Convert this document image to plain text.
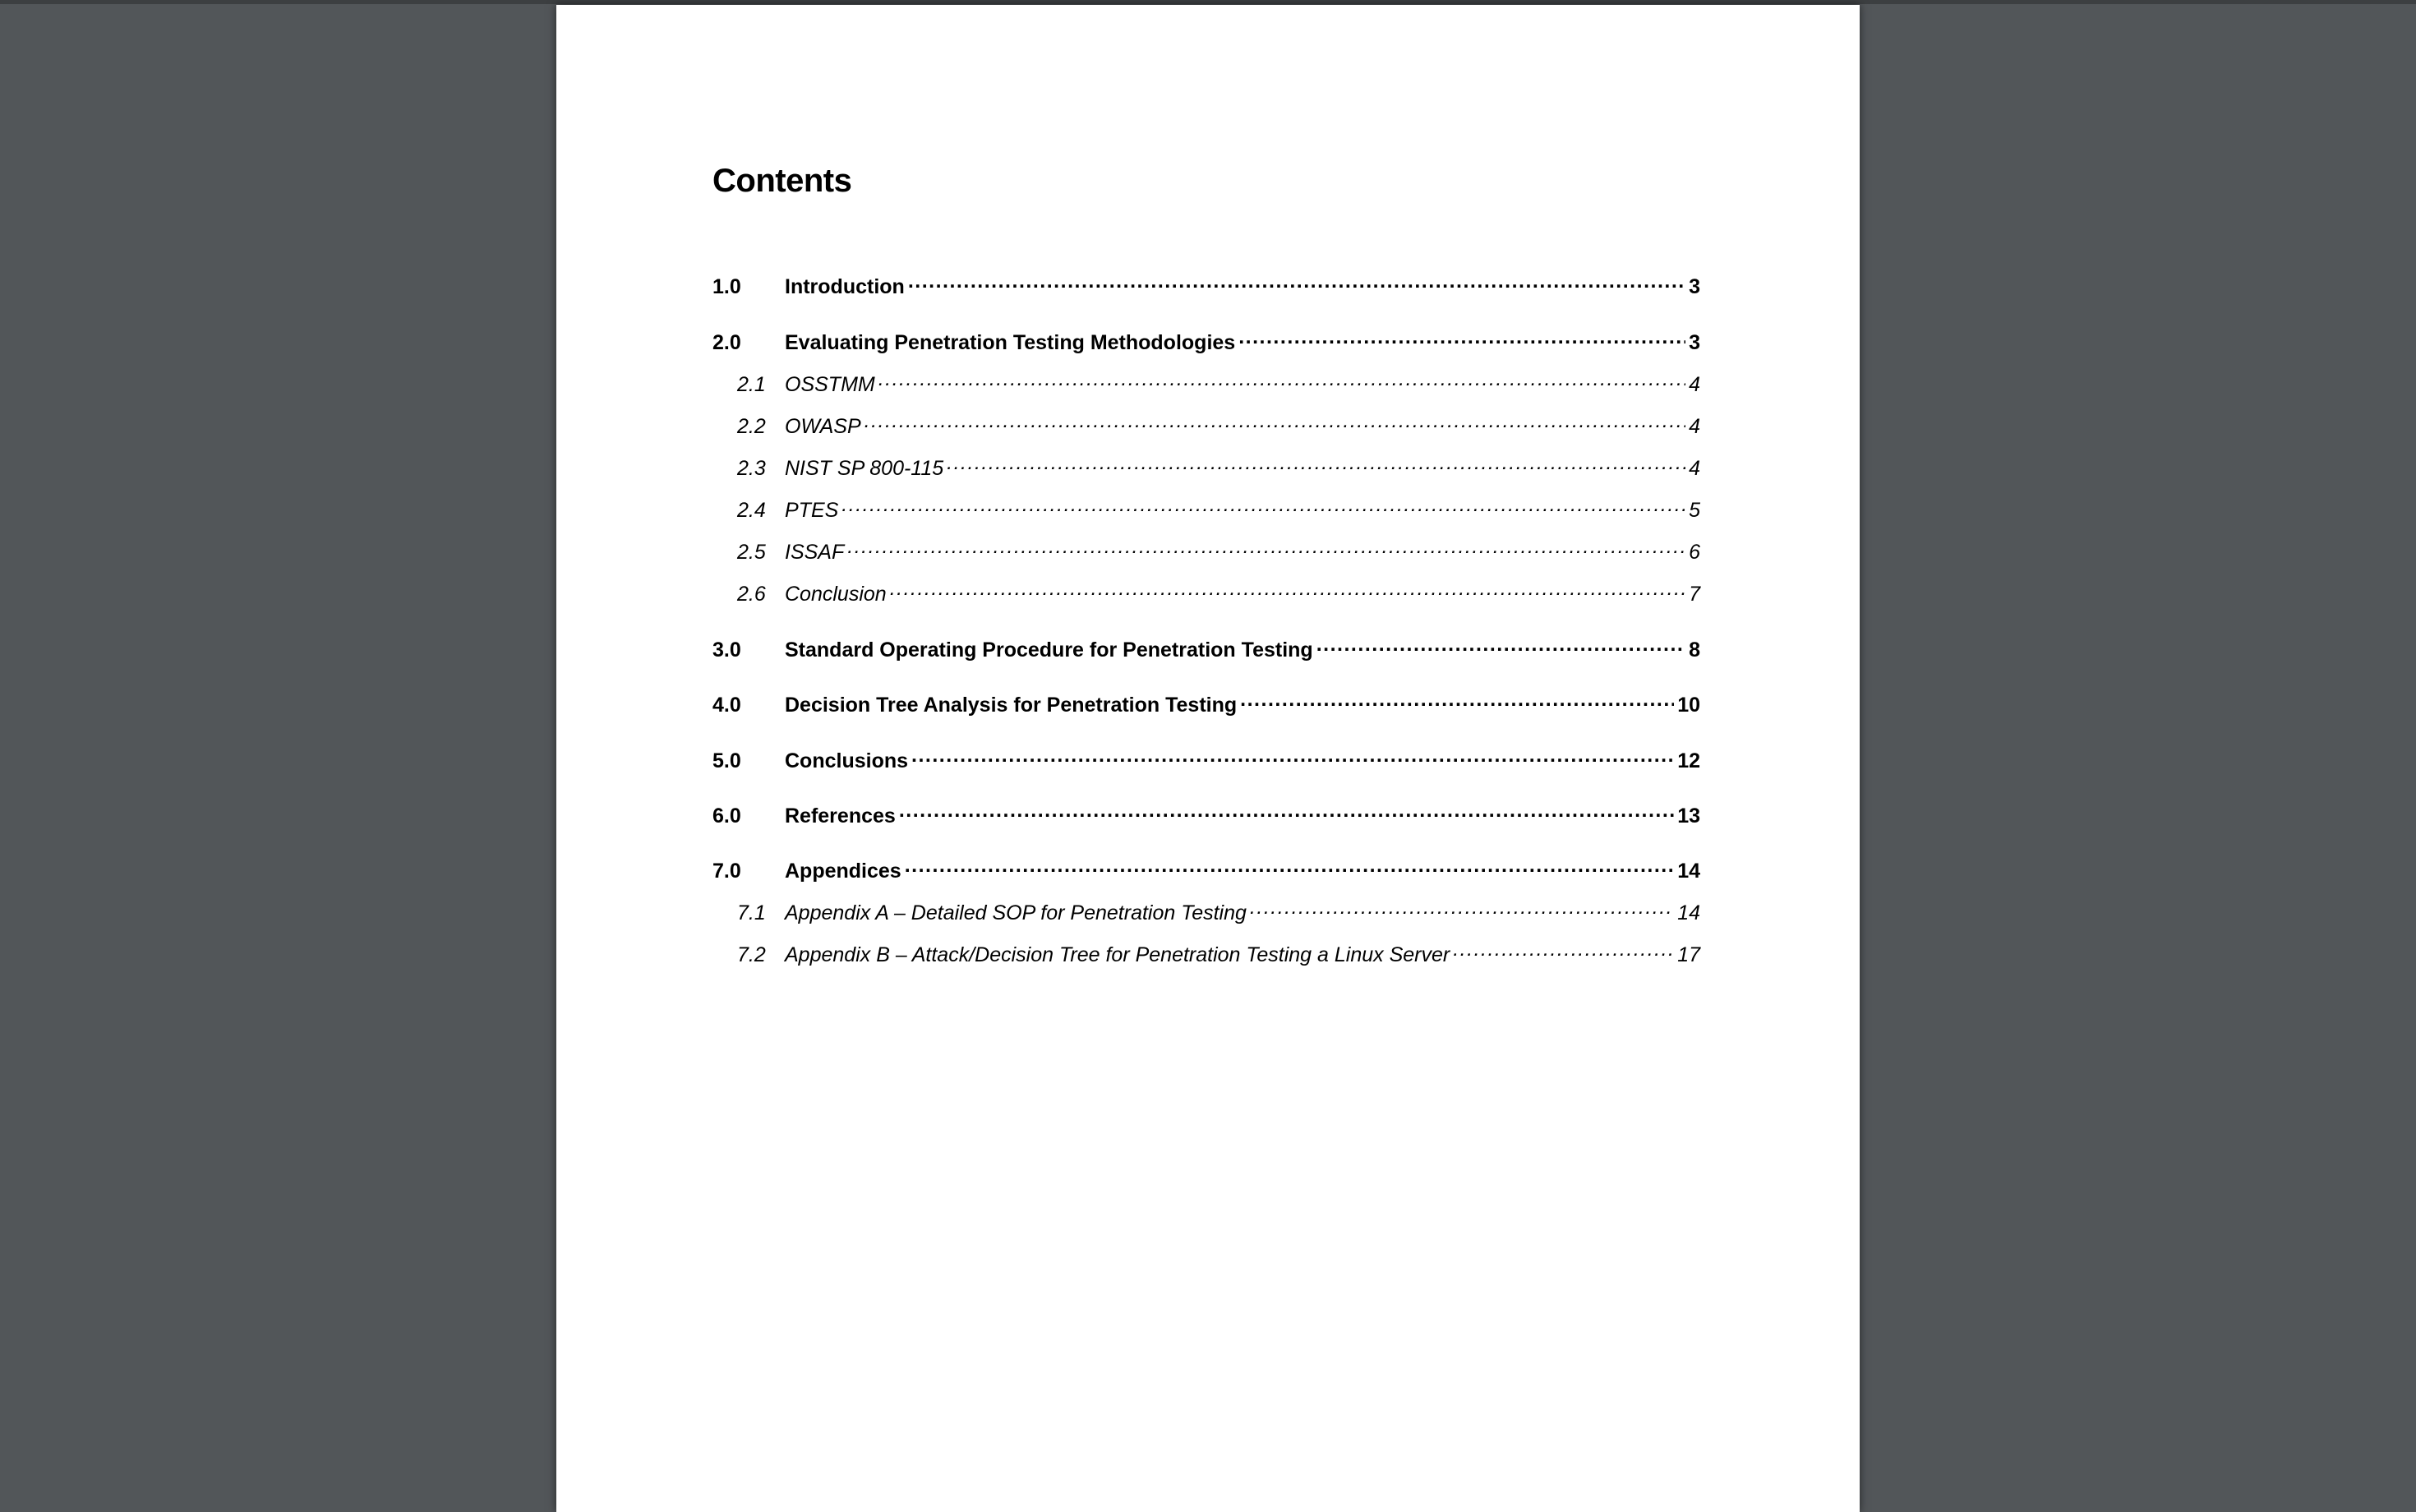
Contents
1.0	Introduction .....	3
2.0	Evaluating Penetration Testing Methodologies .....	3
2.1 OSSTMM .....	4
2.2 OWASP .....	4
2.3 NIST SP 800-115 .....	4
2.4 PTES .....	5
2.5 ISSAF .....	6
2.6 Conclusion .....	7
3.0	Standard Operating Procedure for Penetration Testing .....	8
4.0	Decision Tree Analysis for Penetration Testing .....	10
5.0	Conclusions .....	12
6.0	References .....	13
7.0	Appendices .....	14
7.1 Appendix A – Detailed SOP for Penetration Testing .....	14
7.2 Appendix B – Attack/Decision Tree for Penetration Testing a Linux Server .....	17
